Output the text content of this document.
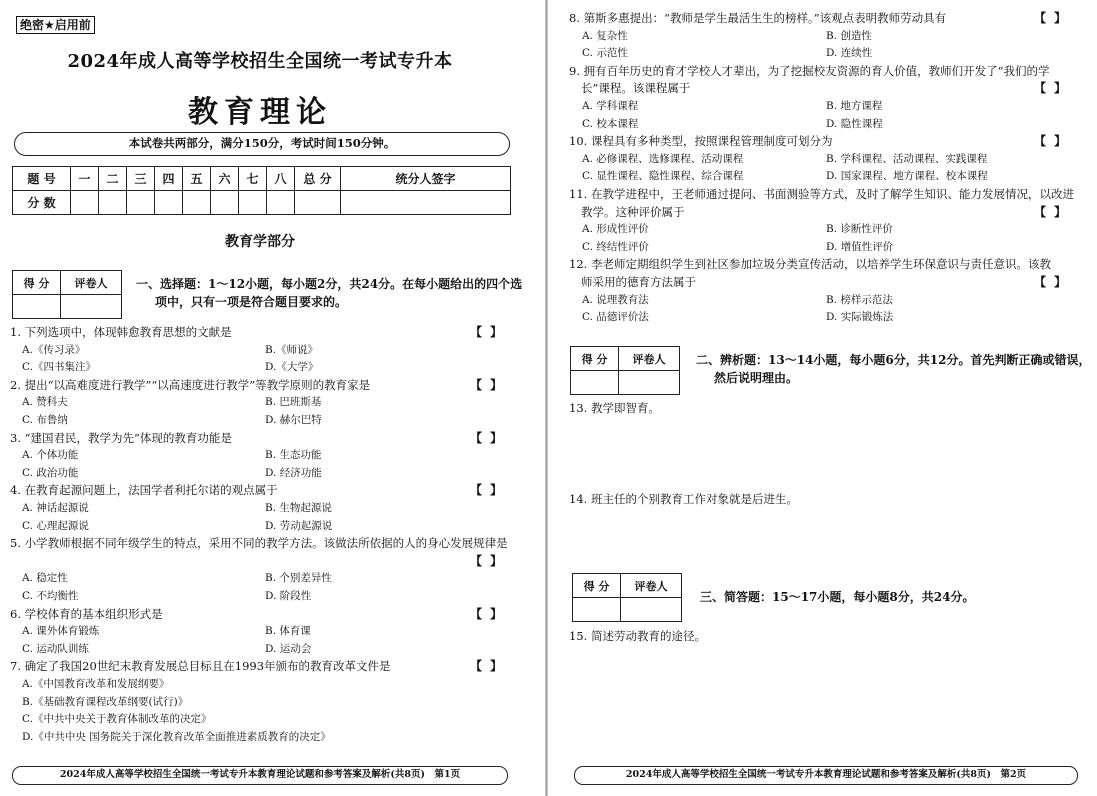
绝密★启用前
2024年成人高等学校招生全国统一考试专升本
教育理论
本试卷共两部分，满分150分，考试时间150分钟。
题 号	一	二	三	四	五	六	七	八	总 分	统分人签字
分 数										
教育学部分
得 分	评卷人
	一、选择题：1～12小题，每小题2分，共24分。在每小题给出的四个选
项中，只有一项是符合题目要求的。
1. 下列选项中，体现韩愈教育思想的文献是	【 】
A.《传习录》	B.《师说》
C.《四书集注》	D.《大学》
2. 提出“以高难度进行教学”“以高速度进行教学”等教学原则的教育家是	【 】
A. 赞科夫	B. 巴班斯基
C. 布鲁纳	D. 赫尔巴特
3. “建国君民，教学为先”体现的教育功能是	【 】
A. 个体功能	B. 生态功能
C. 政治功能	D. 经济功能
4. 在教育起源问题上，法国学者利托尔诺的观点属于	【 】
A. 神话起源说	B. 生物起源说
C. 心理起源说	D. 劳动起源说
5. 小学教师根据不同年级学生的特点，采用不同的教学方法。该做法所依据的人的身心发展规律是
【 】
A. 稳定性	B. 个别差异性
C. 不均衡性	D. 阶段性
6. 学校体育的基本组织形式是	【 】
A. 课外体育锻炼	B. 体育课
C. 运动队训练	D. 运动会
7. 确定了我国20世纪末教育发展总目标且在1993年颁布的教育改革文件是	【 】
A.《中国教育改革和发展纲要》
B.《基础教育课程改革纲要(试行)》
C.《中共中央关于教育体制改革的决定》
D.《中共中央 国务院关于深化教育改革全面推进素质教育的决定》
2024年成人高等学校招生全国统一考试专升本教育理论试题和参考答案及解析(共8页)　第1页
8. 第斯多惠提出：“教师是学生最活生生的榜样。”该观点表明教师劳动具有	【 】
A. 复杂性	B. 创造性
C. 示范性	D. 连续性
9. 拥有百年历史的育才学校人才辈出，为了挖掘校友资源的育人价值，教师们开发了“我们的学
长”课程。该课程属于	【 】
A. 学科课程	B. 地方课程
C. 校本课程	D. 隐性课程
10. 课程具有多种类型，按照课程管理制度可划分为	【 】
A. 必修课程、选修课程、活动课程	B. 学科课程、活动课程、实践课程
C. 显性课程、隐性课程、综合课程	D. 国家课程、地方课程、校本课程
11. 在教学进程中，王老师通过提问、书面测验等方式，及时了解学生知识、能力发展情况，以改进
教学。这种评价属于	【 】
A. 形成性评价	B. 诊断性评价
C. 终结性评价	D. 增值性评价
12. 李老师定期组织学生到社区参加垃圾分类宣传活动，以培养学生环保意识与责任意识。该教
师采用的德育方法属于	【 】
A. 说理教育法	B. 榜样示范法
C. 品德评价法	D. 实际锻炼法
得 分	评卷人
		二、辨析题：13～14小题，每小题6分，共12分。首先判断正确或错误，
然后说明理由。
13. 教学即智育。
14. 班主任的个别教育工作对象就是后进生。
得 分	评卷人

三、简答题：15～17小题，每小题8分，共24分。
15. 简述劳动教育的途径。
2024年成人高等学校招生全国统一考试专升本教育理论试题和参考答案及解析(共8页)　第2页
